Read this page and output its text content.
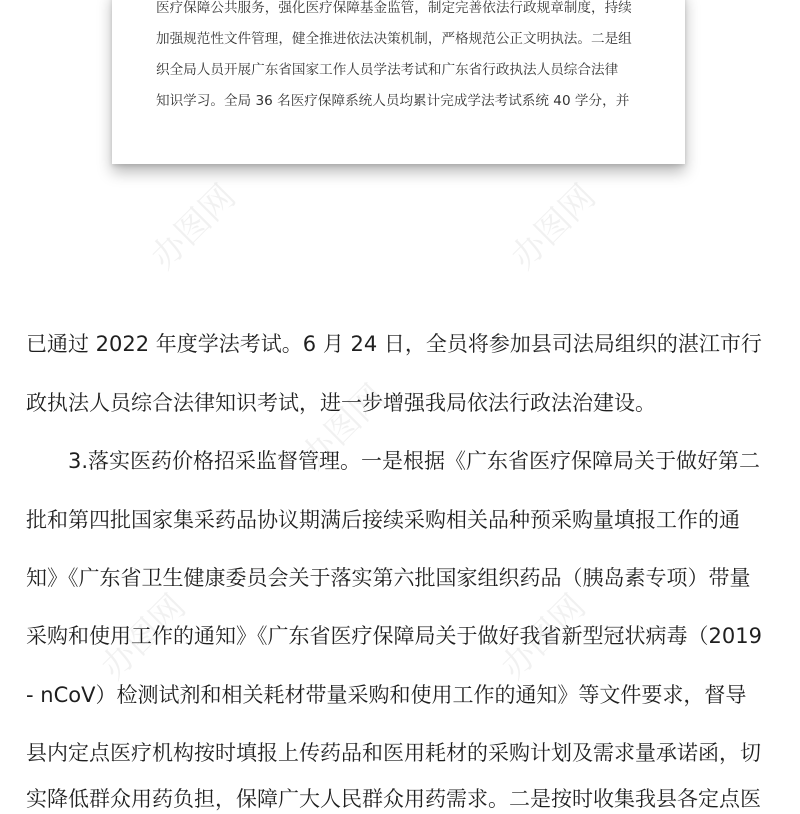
办图网	办图网
办图网
办图网	办图网
医疗保障公共服务，强化医疗保障基金监管，制定完善依法行政规章制度，持续
加强规范性文件管理，健全推进依法决策机制，严格规范公正文明执法。二是组
织全局人员开展广东省国家工作人员学法考试和广东省行政执法人员综合法律
知识学习。全局 36 名医疗保障系统人员均累计完成学法考试系统 40 学分，并
已通过 2022 年度学法考试。6 月 24 日，全员将参加县司法局组织的湛江市行
政执法人员综合法律知识考试，进一步增强我局依法行政法治建设。
3.落实医药价格招采监督管理。一是根据《广东省医疗保障局关于做好第二
批和第四批国家集采药品协议期满后接续采购相关品种预采购量填报工作的通
知》《广东省卫生健康委员会关于落实第六批国家组织药品（胰岛素专项）带量
采购和使用工作的通知》《广东省医疗保障局关于做好我省新型冠状病毒（2019
- nCoV）检测试剂和相关耗材带量采购和使用工作的通知》等文件要求，督导
县内定点医疗机构按时填报上传药品和医用耗材的采购计划及需求量承诺函，切
实降低群众用药负担，保障广大人民群众用药需求。二是按时收集我县各定点医
